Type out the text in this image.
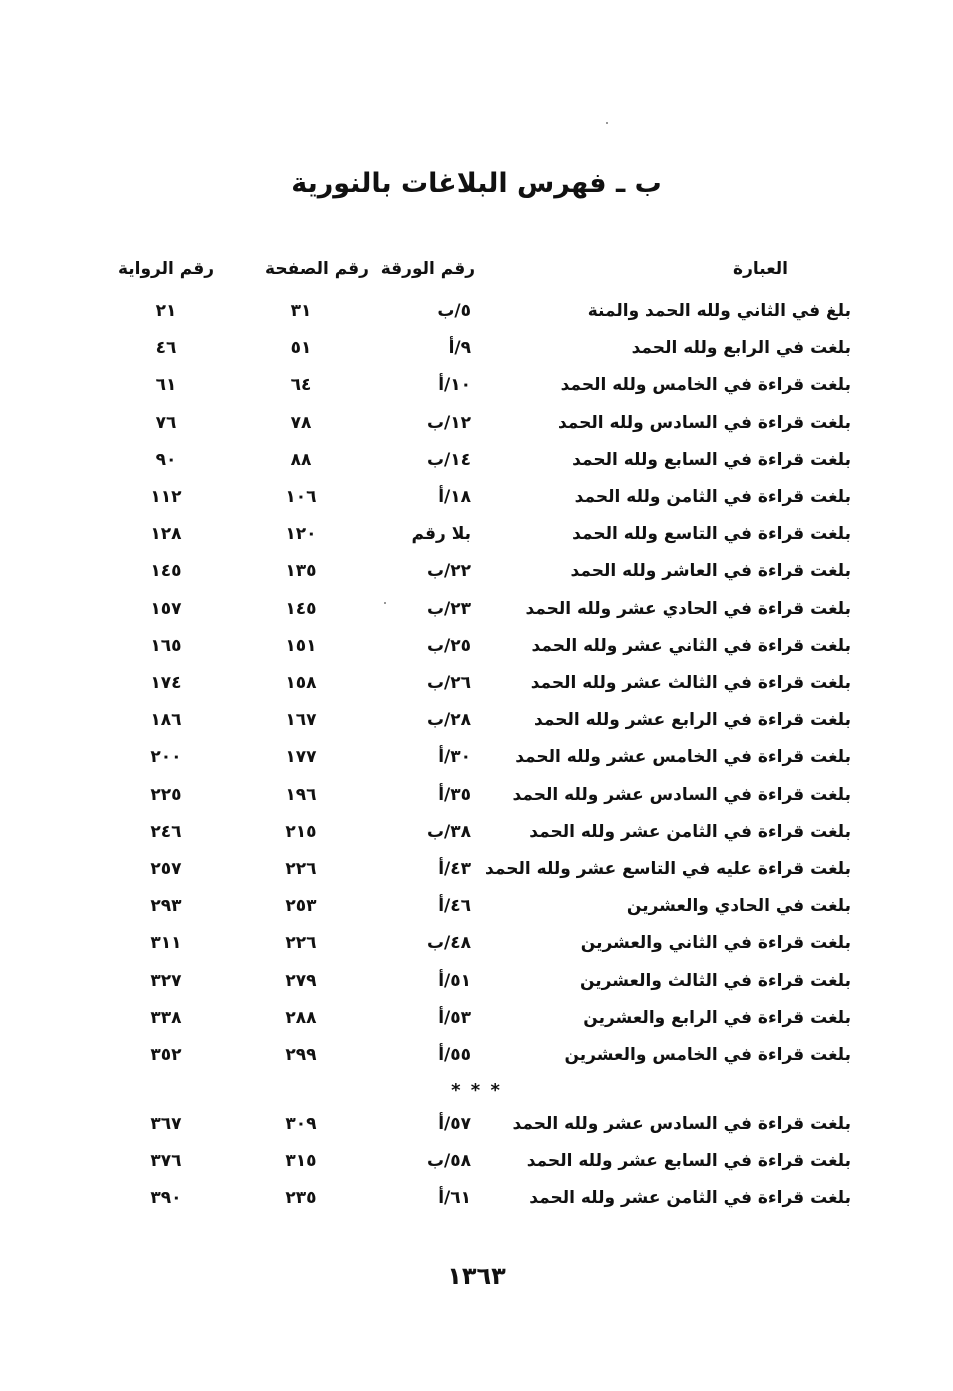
ب ـ فهرس البلاغات بالنورية
العبارة
رقم الورقة
رقم الصفحة
رقم الرواية
بلغ في الثاني ولله الحمد والمنة
٥/ب
٣١
٢١
بلغت في الرابع ولله الحمد
٩/أ
٥١
٤٦
بلغت قراءة في الخامس ولله الحمد
١٠/أ
٦٤
٦١
بلغت قراءة في السادس ولله الحمد
١٢/ب
٧٨
٧٦
بلغت قراءة في السابع ولله الحمد
١٤/ب
٨٨
٩٠
بلغت قراءة في الثامن ولله الحمد
١٨/أ
١٠٦
١١٢
بلغت قراءة في التاسع ولله الحمد
بلا رقم
١٢٠
١٢٨
بلغت قراءة في العاشر ولله الحمد
٢٢/ب
١٣٥
١٤٥
بلغت قراءة في الحادي عشر ولله الحمد
٢٣/ب
١٤٥
١٥٧
بلغت قراءة في الثاني عشر ولله الحمد
٢٥/ب
١٥١
١٦٥
بلغت قراءة في الثالث عشر ولله الحمد
٢٦/ب
١٥٨
١٧٤
بلغت قراءة في الرابع عشر ولله الحمد
٢٨/ب
١٦٧
١٨٦
بلغت قراءة في الخامس عشر ولله الحمد
٣٠/أ
١٧٧
٢٠٠
بلغت قراءة في السادس عشر ولله الحمد
٣٥/أ
١٩٦
٢٢٥
بلغت قراءة في الثامن عشر ولله الحمد
٣٨/ب
٢١٥
٢٤٦
بلغت قراءة عليه في التاسع عشر ولله الحمد
٤٣/أ
٢٢٦
٢٥٧
بلغت في الحادي والعشرين
٤٦/أ
٢٥٣
٢٩٣
بلغت قراءة في الثاني والعشرين
٤٨/ب
٢٢٦
٣١١
بلغت قراءة في الثالث والعشرين
٥١/أ
٢٧٩
٣٢٧
بلغت قراءة في الرابع والعشرين
٥٣/أ
٢٨٨
٣٣٨
بلغت قراءة في الخامس والعشرين
٥٥/أ
٢٩٩
٣٥٢
* * *
بلغت قراءة في السادس عشر ولله الحمد
٥٧/أ
٣٠٩
٣٦٧
بلغت قراءة في السابع عشر ولله الحمد
٥٨/ب
٣١٥
٣٧٦
بلغت قراءة في الثامن عشر ولله الحمد
٦١/أ
٢٣٥
٣٩٠
١٣٦٣
